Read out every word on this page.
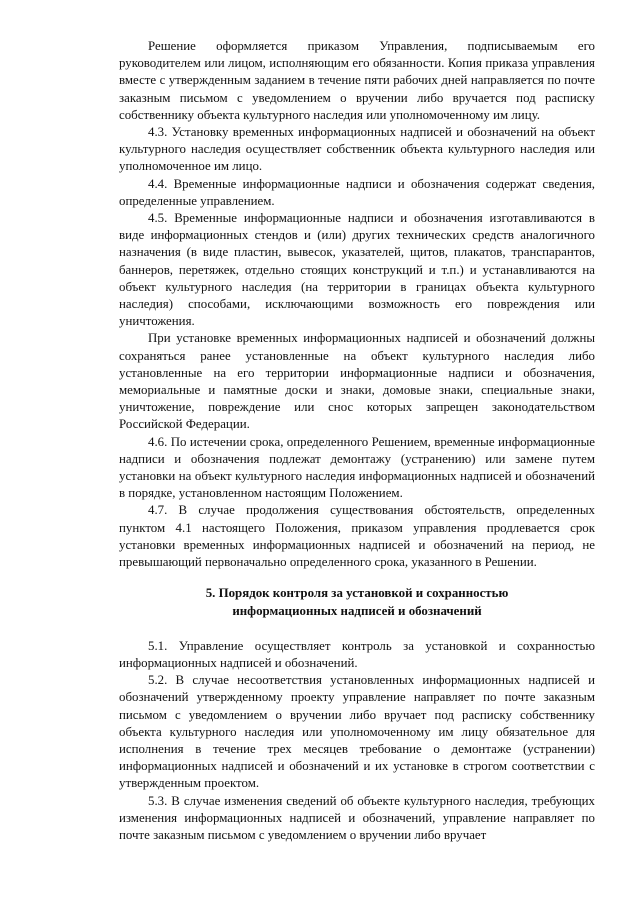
Решение оформляется приказом Управления, подписываемым его руководителем или лицом, исполняющим его обязанности. Копия приказа управления вместе с утвержденным заданием в течение пяти рабочих дней направляется по почте заказным письмом с уведомлением о вручении либо вручается под расписку собственнику объекта культурного наследия или уполномоченному им лицу.

4.3. Установку временных информационных надписей и обозначений на объект культурного наследия осуществляет собственник объекта культурного наследия или уполномоченное им лицо.

4.4. Временные информационные надписи и обозначения содержат сведения, определенные управлением.

4.5. Временные информационные надписи и обозначения изготавливаются в виде информационных стендов и (или) других технических средств аналогичного назначения (в виде пластин, вывесок, указателей, щитов, плакатов, транспарантов, баннеров, перетяжек, отдельно стоящих конструкций и т.п.) и устанавливаются на объект культурного наследия (на территории в границах объекта культурного наследия) способами, исключающими возможность его повреждения или уничтожения.

При установке временных информационных надписей и обозначений должны сохраняться ранее установленные на объект культурного наследия либо установленные на его территории информационные надписи и обозначения, мемориальные и памятные доски и знаки, домовые знаки, специальные знаки, уничтожение, повреждение или снос которых запрещен законодательством Российской Федерации.

4.6. По истечении срока, определенного Решением, временные информационные надписи и обозначения подлежат демонтажу (устранению) или замене путем установки на объект культурного наследия информационных надписей и обозначений в порядке, установленном настоящим Положением.

4.7. В случае продолжения существования обстоятельств, определенных пунктом 4.1 настоящего Положения, приказом управления продлевается срок установки временных информационных надписей и обозначений на период, не превышающий первоначально определенного срока, указанного в Решении.

5. Порядок контроля за установкой и сохранностью
информационных надписей и обозначений

5.1. Управление осуществляет контроль за установкой и сохранностью информационных надписей и обозначений.

5.2. В случае несоответствия установленных информационных надписей и обозначений утвержденному проекту управление направляет по почте заказным письмом с уведомлением о вручении либо вручает под расписку собственнику объекта культурного наследия или уполномоченному им лицу обязательное для исполнения в течение трех месяцев требование о демонтаже (устранении) информационных надписей и обозначений и их установке в строгом соответствии с утвержденным проектом.

5.3. В случае изменения сведений об объекте культурного наследия, требующих изменения информационных надписей и обозначений, управление направляет по почте заказным письмом с уведомлением о вручении либо вручает
